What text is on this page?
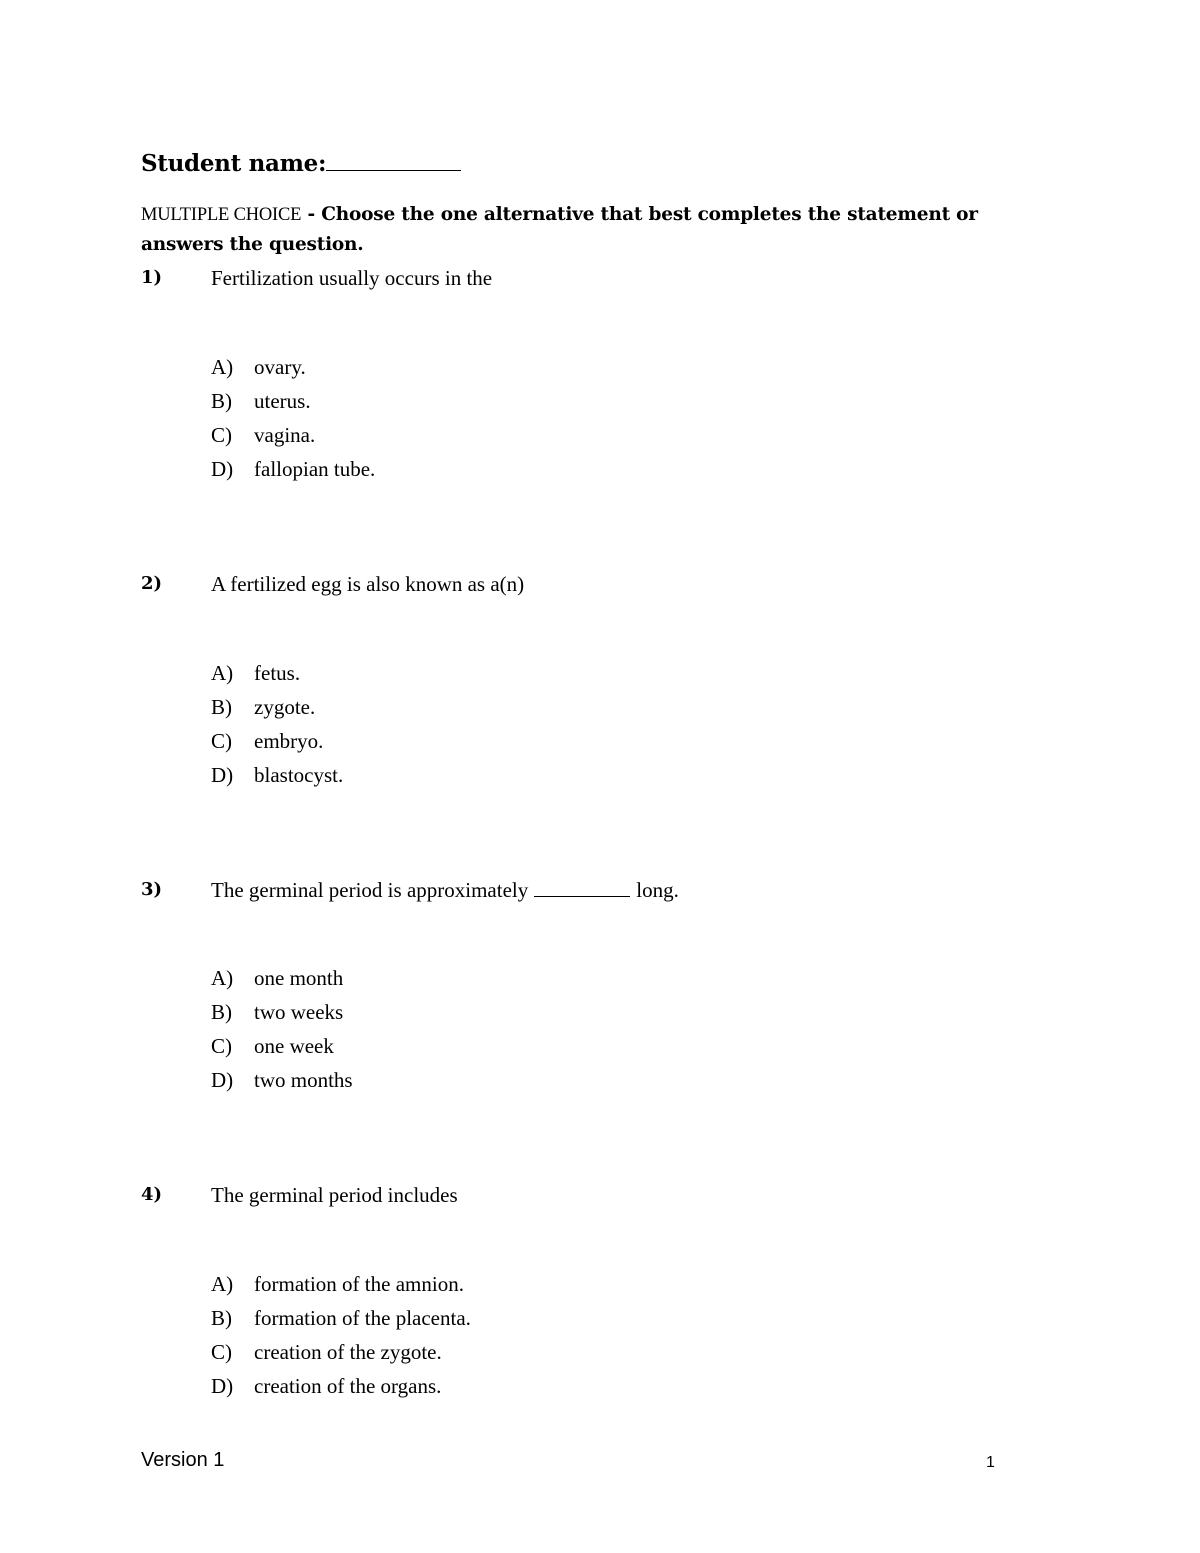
Student name:
MULTIPLE CHOICE - Choose the one alternative that best completes the statement or answers the question.
1) Fertilization usually occurs in the
A) ovary.
B) uterus.
C) vagina.
D) fallopian tube.
2) A fertilized egg is also known as a(n)
A) fetus.
B) zygote.
C) embryo.
D) blastocyst.
3) The germinal period is approximately	long.
A) one month
B) two weeks
C) one week
D) two months
4) The germinal period includes
A) formation of the amnion.
B) formation of the placenta.
C) creation of the zygote.
D) creation of the organs.
Version 1	1
